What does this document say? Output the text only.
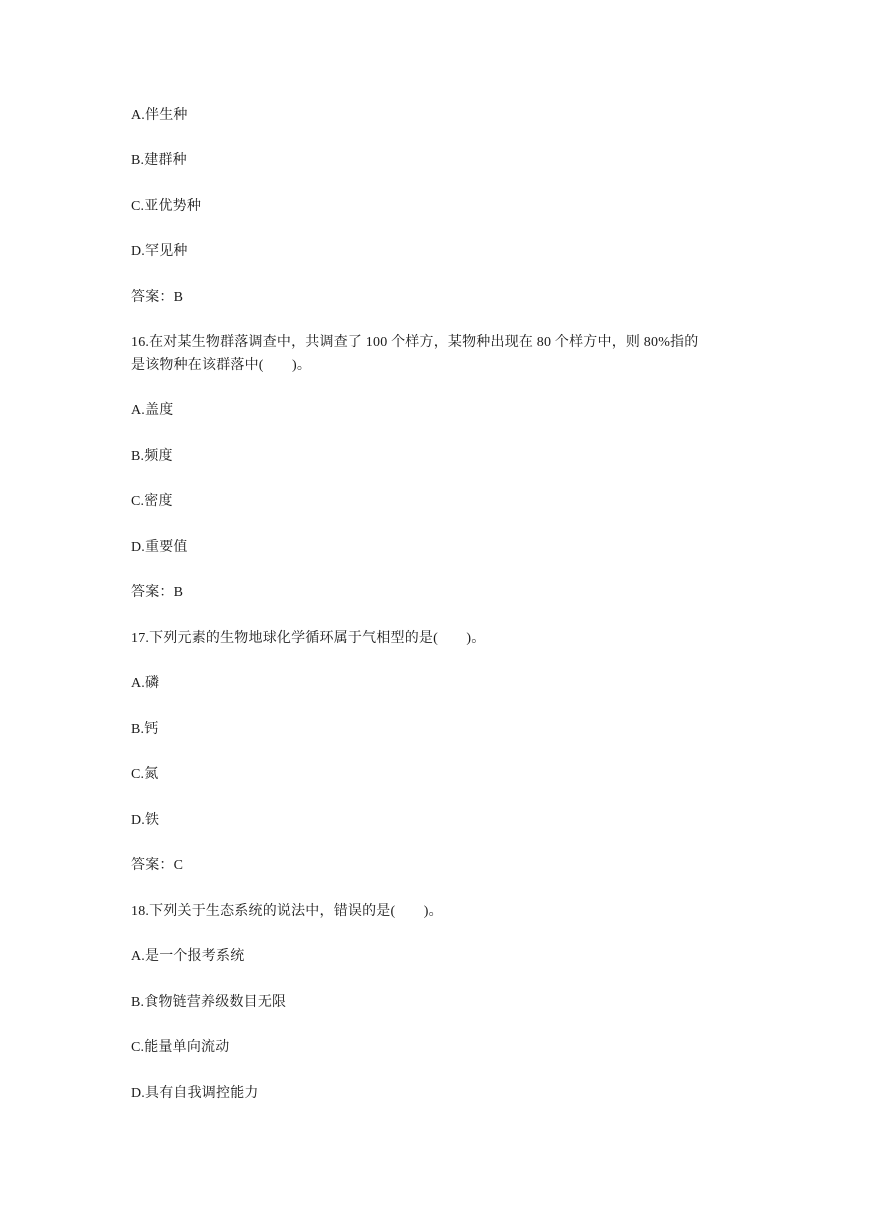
A.伴生种
B.建群种
C.亚优势种
D.罕见种
答案：B
16.在对某生物群落调查中，共调查了 100 个样方，某物种出现在 80 个样方中，则 80%指的
是该物种在该群落中(　　)。
A.盖度
B.频度
C.密度
D.重要值
答案：B
17.下列元素的生物地球化学循环属于气相型的是(　　)。
A.磷
B.钙
C.氮
D.铁
答案：C
18.下列关于生态系统的说法中，错误的是(　　)。
A.是一个报考系统
B.食物链营养级数目无限
C.能量单向流动
D.具有自我调控能力
